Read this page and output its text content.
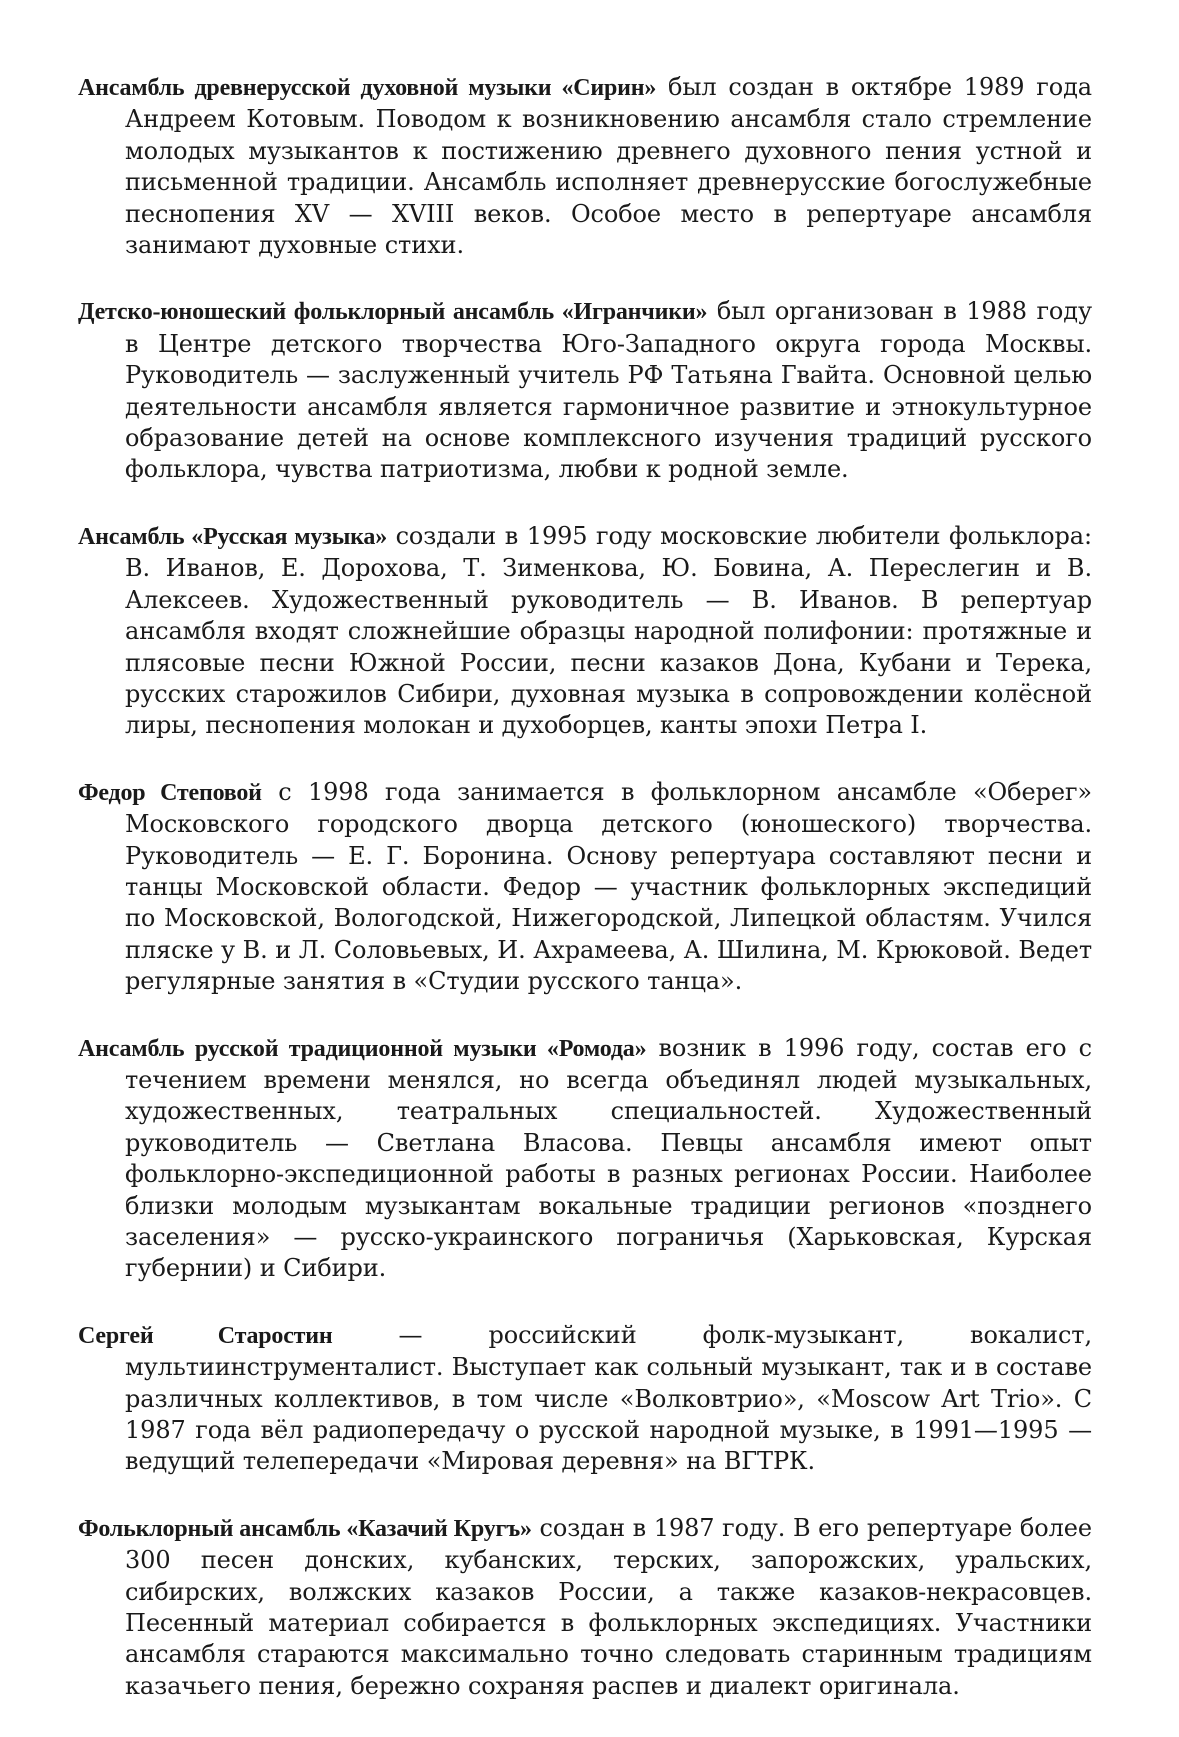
Ансамбль древнерусской духовной музыки «Сирин» был создан в октябре 1989 года Андреем Котовым. Поводом к возникновению ансамбля стало стремление молодых музыкантов к постижению древнего духовного пения устной и письменной традиции. Ансамбль исполняет древнерусские богослужебные песнопения XV — XVIII веков. Особое место в репертуаре ансамбля занимают духовные стихи.

Детско-юношеский фольклорный ансамбль «Игранчики» был организован в 1988 году в Центре детского творчества Юго-Западного округа города Москвы. Руководитель — заслуженный учитель РФ Татьяна Гвайта. Основной целью деятельности ансамбля является гармоничное развитие и этнокультурное образование детей на основе комплексного изучения традиций русского фольклора, чувства патриотизма, любви к родной земле.

Ансамбль «Русская музыка» создали в 1995 году московские любители фольклора: В. Иванов, Е. Дорохова, Т. Зименкова, Ю. Бовина, А. Переслегин и В. Алексеев. Художественный руководитель — В. Иванов. В репертуар ансамбля входят сложнейшие образцы народной полифонии: протяжные и плясовые песни Южной России, песни казаков Дона, Кубани и Терека, русских старожилов Сибири, духовная музыка в сопровождении колёсной лиры, песнопения молокан и духоборцев, канты эпохи Петра I.

Федор Степовой с 1998 года занимается в фольклорном ансамбле «Оберег» Московского городского дворца детского (юношеского) творчества. Руководитель — Е. Г. Боронина. Основу репертуара составляют песни и танцы Московской области. Федор — участник фольклорных экспедиций по Московской, Вологодской, Нижегородской, Липецкой областям. Учился пляске у В. и Л. Соловьевых, И. Ахрамеева, А. Шилина, М. Крюковой. Ведет регулярные занятия в «Студии русского танца».

Ансамбль русской традиционной музыки «Ромода» возник в 1996 году, состав его с течением времени менялся, но всегда объединял людей музыкальных, художественных, театральных специальностей. Художественный руководитель — Светлана Власова. Певцы ансамбля имеют опыт фольклорно-экспедиционной работы в разных регионах России. Наиболее близки молодым музыкантам вокальные традиции регионов «позднего заселения» — русско-украинского пограничья (Харьковская, Курская губернии) и Сибири.

Сергей Старостин — российский фолк-музыкант, вокалист, мультиинструменталист. Выступает как сольный музыкант, так и в составе различных коллективов, в том числе «Волковтрио», «Moscow Art Trio». С 1987 года вёл радиопередачу о русской народной музыке, в 1991—1995 — ведущий телепередачи «Мировая деревня» на ВГТРК.

Фольклорный ансамбль «Казачий Кругъ» создан в 1987 году. В его репертуаре более 300 песен донских, кубанских, терских, запорожских, уральских, сибирских, волжских казаков России, а также казаков-некрасовцев. Песенный материал собирается в фольклорных экспедициях. Участники ансамбля стараются максимально точно следовать старинным традициям казачьего пения, бережно сохраняя распев и диалект оригинала.
